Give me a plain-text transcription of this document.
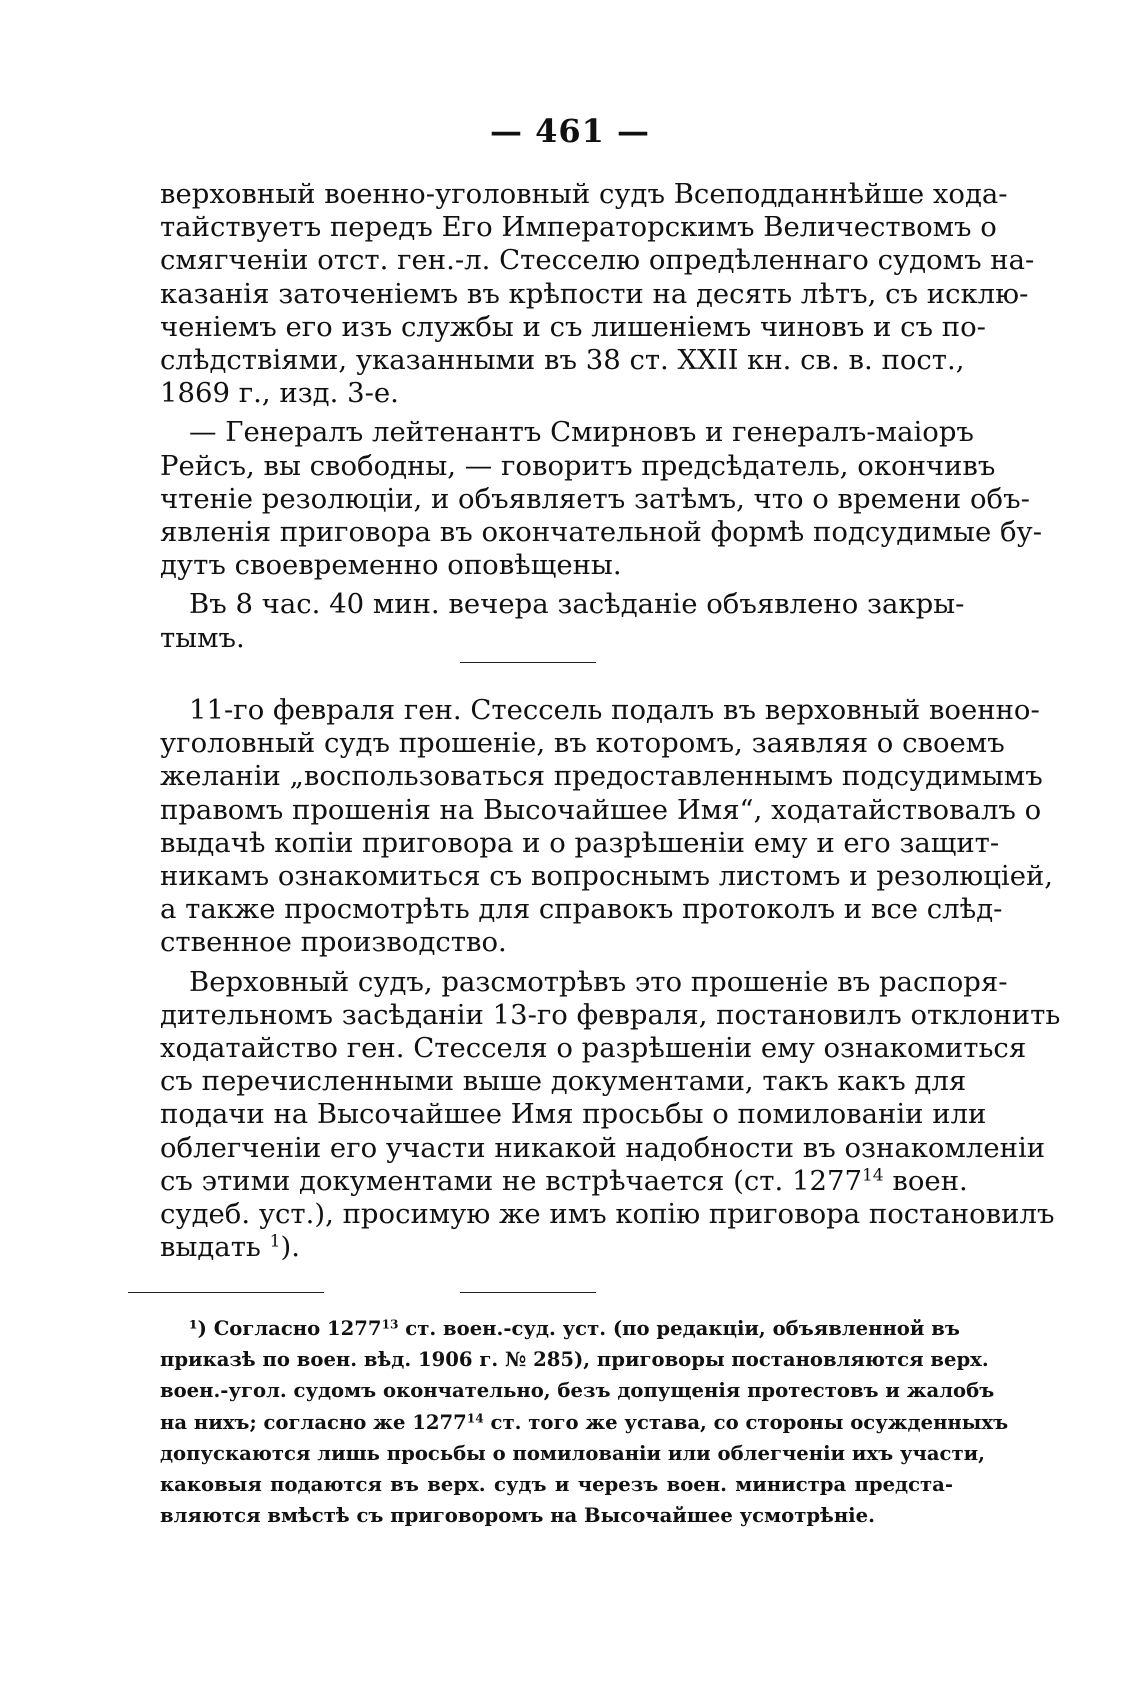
— 461 —
верховный военно-уголовный судъ Всеподданнѣйше хода-
тайствуетъ передъ Его Императорскимъ Величествомъ о
смягченіи отст. ген.-л. Стесселю опредѣленнаго судомъ на-
казанія заточеніемъ въ крѣпости на десять лѣтъ, съ исклю-
ченіемъ его изъ службы и съ лишеніемъ чиновъ и съ по-
слѣдствіями, указанными въ 38 ст. XXII кн. св. в. пост.,
1869 г., изд. 3-е.
— Генералъ лейтенантъ Смирновъ и генералъ-маіоръ
Рейсъ, вы свободны, — говоритъ предсѣдатель, окончивъ
чтеніе резолюціи, и объявляетъ затѣмъ, что о времени объ-
явленія приговора въ окончательной формѣ подсудимые бу-
дутъ своевременно оповѣщены.
Въ 8 час. 40 мин. вечера засѣданіе объявлено закры-
тымъ.
11-го февраля ген. Стессель подалъ въ верховный военно-
уголовный судъ прошеніе, въ которомъ, заявляя о своемъ
желаніи „воспользоваться предоставленнымъ подсудимымъ
правомъ прошенія на Высочайшее Имя“, ходатайствовалъ о
выдачѣ копіи приговора и о разрѣшеніи ему и его защит-
никамъ ознакомиться съ вопроснымъ листомъ и резолюціей,
а также просмотрѣть для справокъ протоколъ и все слѣд-
ственное производство.
Верховный судъ, разсмотрѣвъ это прошеніе въ распоря-
дительномъ засѣданіи 13-го февраля, постановилъ отклонить
ходатайство ген. Стесселя о разрѣшеніи ему ознакомиться
съ перечисленными выше документами, такъ какъ для
подачи на Высочайшее Имя просьбы о помилованіи или
облегченіи его участи никакой надобности въ ознакомленіи
съ этими документами не встрѣчается (ст. 1277$^{14}$ воен.
судеб. уст.), просимую же имъ копію приговора постановилъ
выдать $^1$).
¹) Согласно 1277$^{13}$ ст. воен.-суд. уст. (по редакціи, объявленной въ
приказѣ по воен. вѣд. 1906 г. № 285), приговоры постановляются верх.
воен.-угол. судомъ окончательно, безъ допущенія протестовъ и жалобъ
на нихъ; согласно же 1277$^{14}$ ст. того же устава, со стороны осужденныхъ
допускаются лишь просьбы о помилованіи или облегченіи ихъ участи,
каковыя подаются въ верх. судъ и черезъ воен. министра предста-
вляются вмѣстѣ съ приговоромъ на Высочайшее усмотрѣніе.
